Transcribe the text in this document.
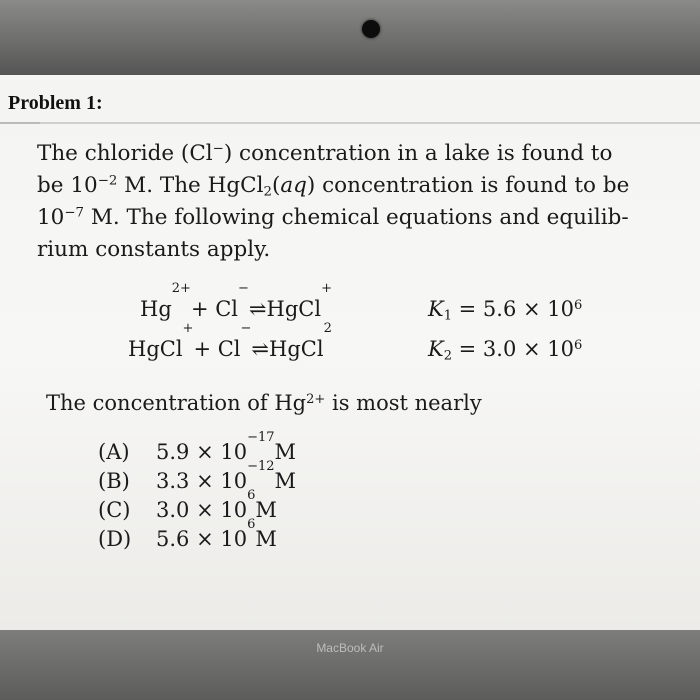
Problem 1:

The chloride (Cl−) concentration in a lake is found to
be $10^{-2}$ M. The HgCl$_2$(aq) concentration is found to be
$10^{-7}$ M. The following chemical equations and equilib-
rium constants apply.

Hg
2+
+ Cl
−
⇌ HgCl
+
$K_1 = 5.6 \times 10^6$
HgCl
+
+ Cl
−
⇌ HgCl
2
$K_2 = 3.0 \times 10^6$

The concentration of $Hg^{2+}$ is most nearly

(A)	5.9 × 10
−17
M
(B)	3.3 × 10
−12
M
(C)	3.0 × 10
6
M
(D)	5.6 × 10
6
M
MacBook Air
